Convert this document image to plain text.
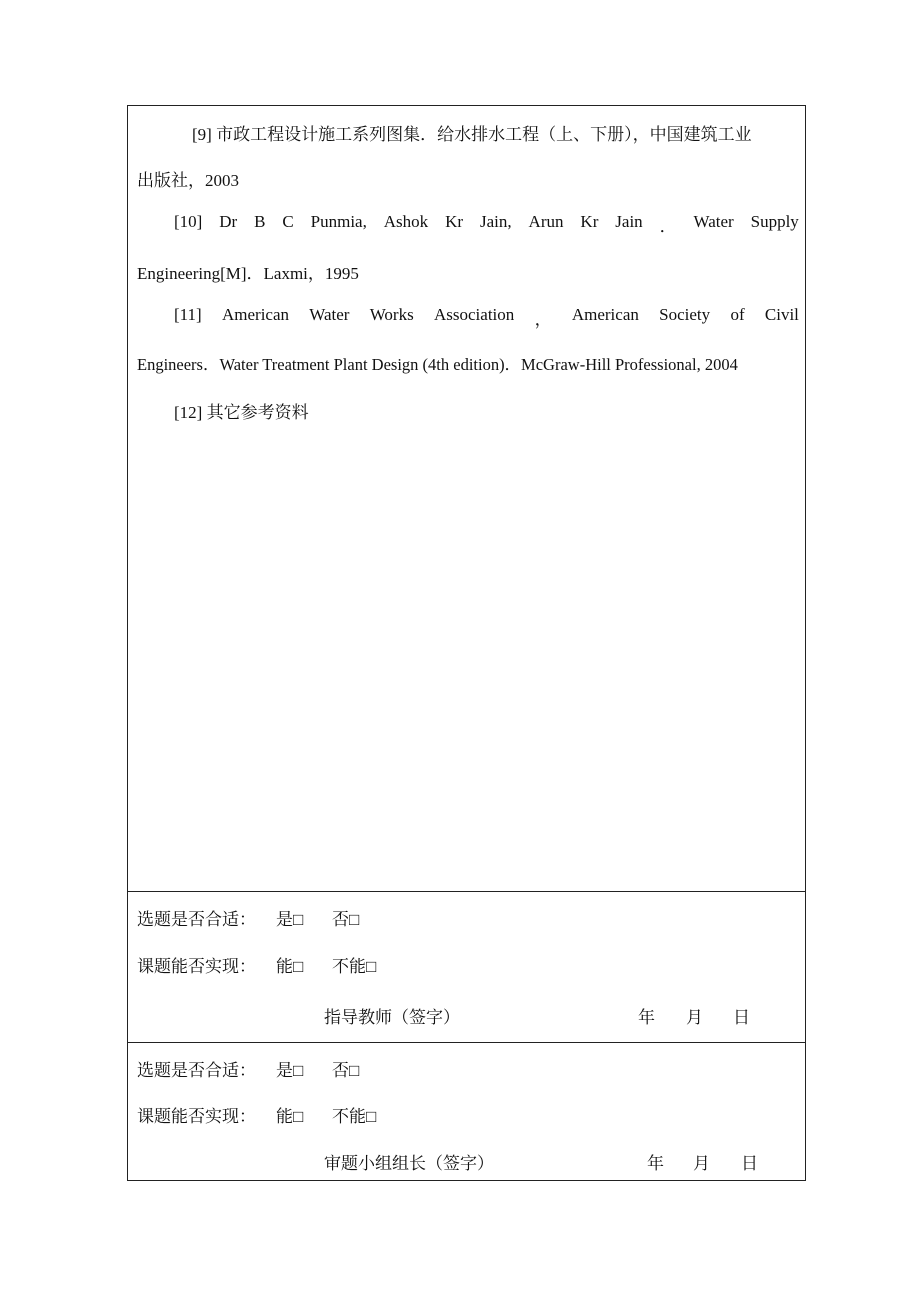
[9] 市政工程设计施工系列图集．给水排水工程（上、下册），中国建筑工业
出版社，2003
[10] Dr B C Punmia, Ashok Kr Jain, Arun Kr Jain ． Water Supply
Engineering[M]．Laxmi，1995
[11] American Water Works Association ， American Society of Civil
Engineers．Water Treatment Plant Design (4th edition)．McGraw-Hill Professional, 2004
[12] 其它参考资料
选题是否合适： 是□ 否□
课题能否实现： 能□ 不能□
指导教师（签字）	年 月 日
选题是否合适： 是□ 否□
课题能否实现： 能□ 不能□
审题小组组长（签字）	年 月 日
